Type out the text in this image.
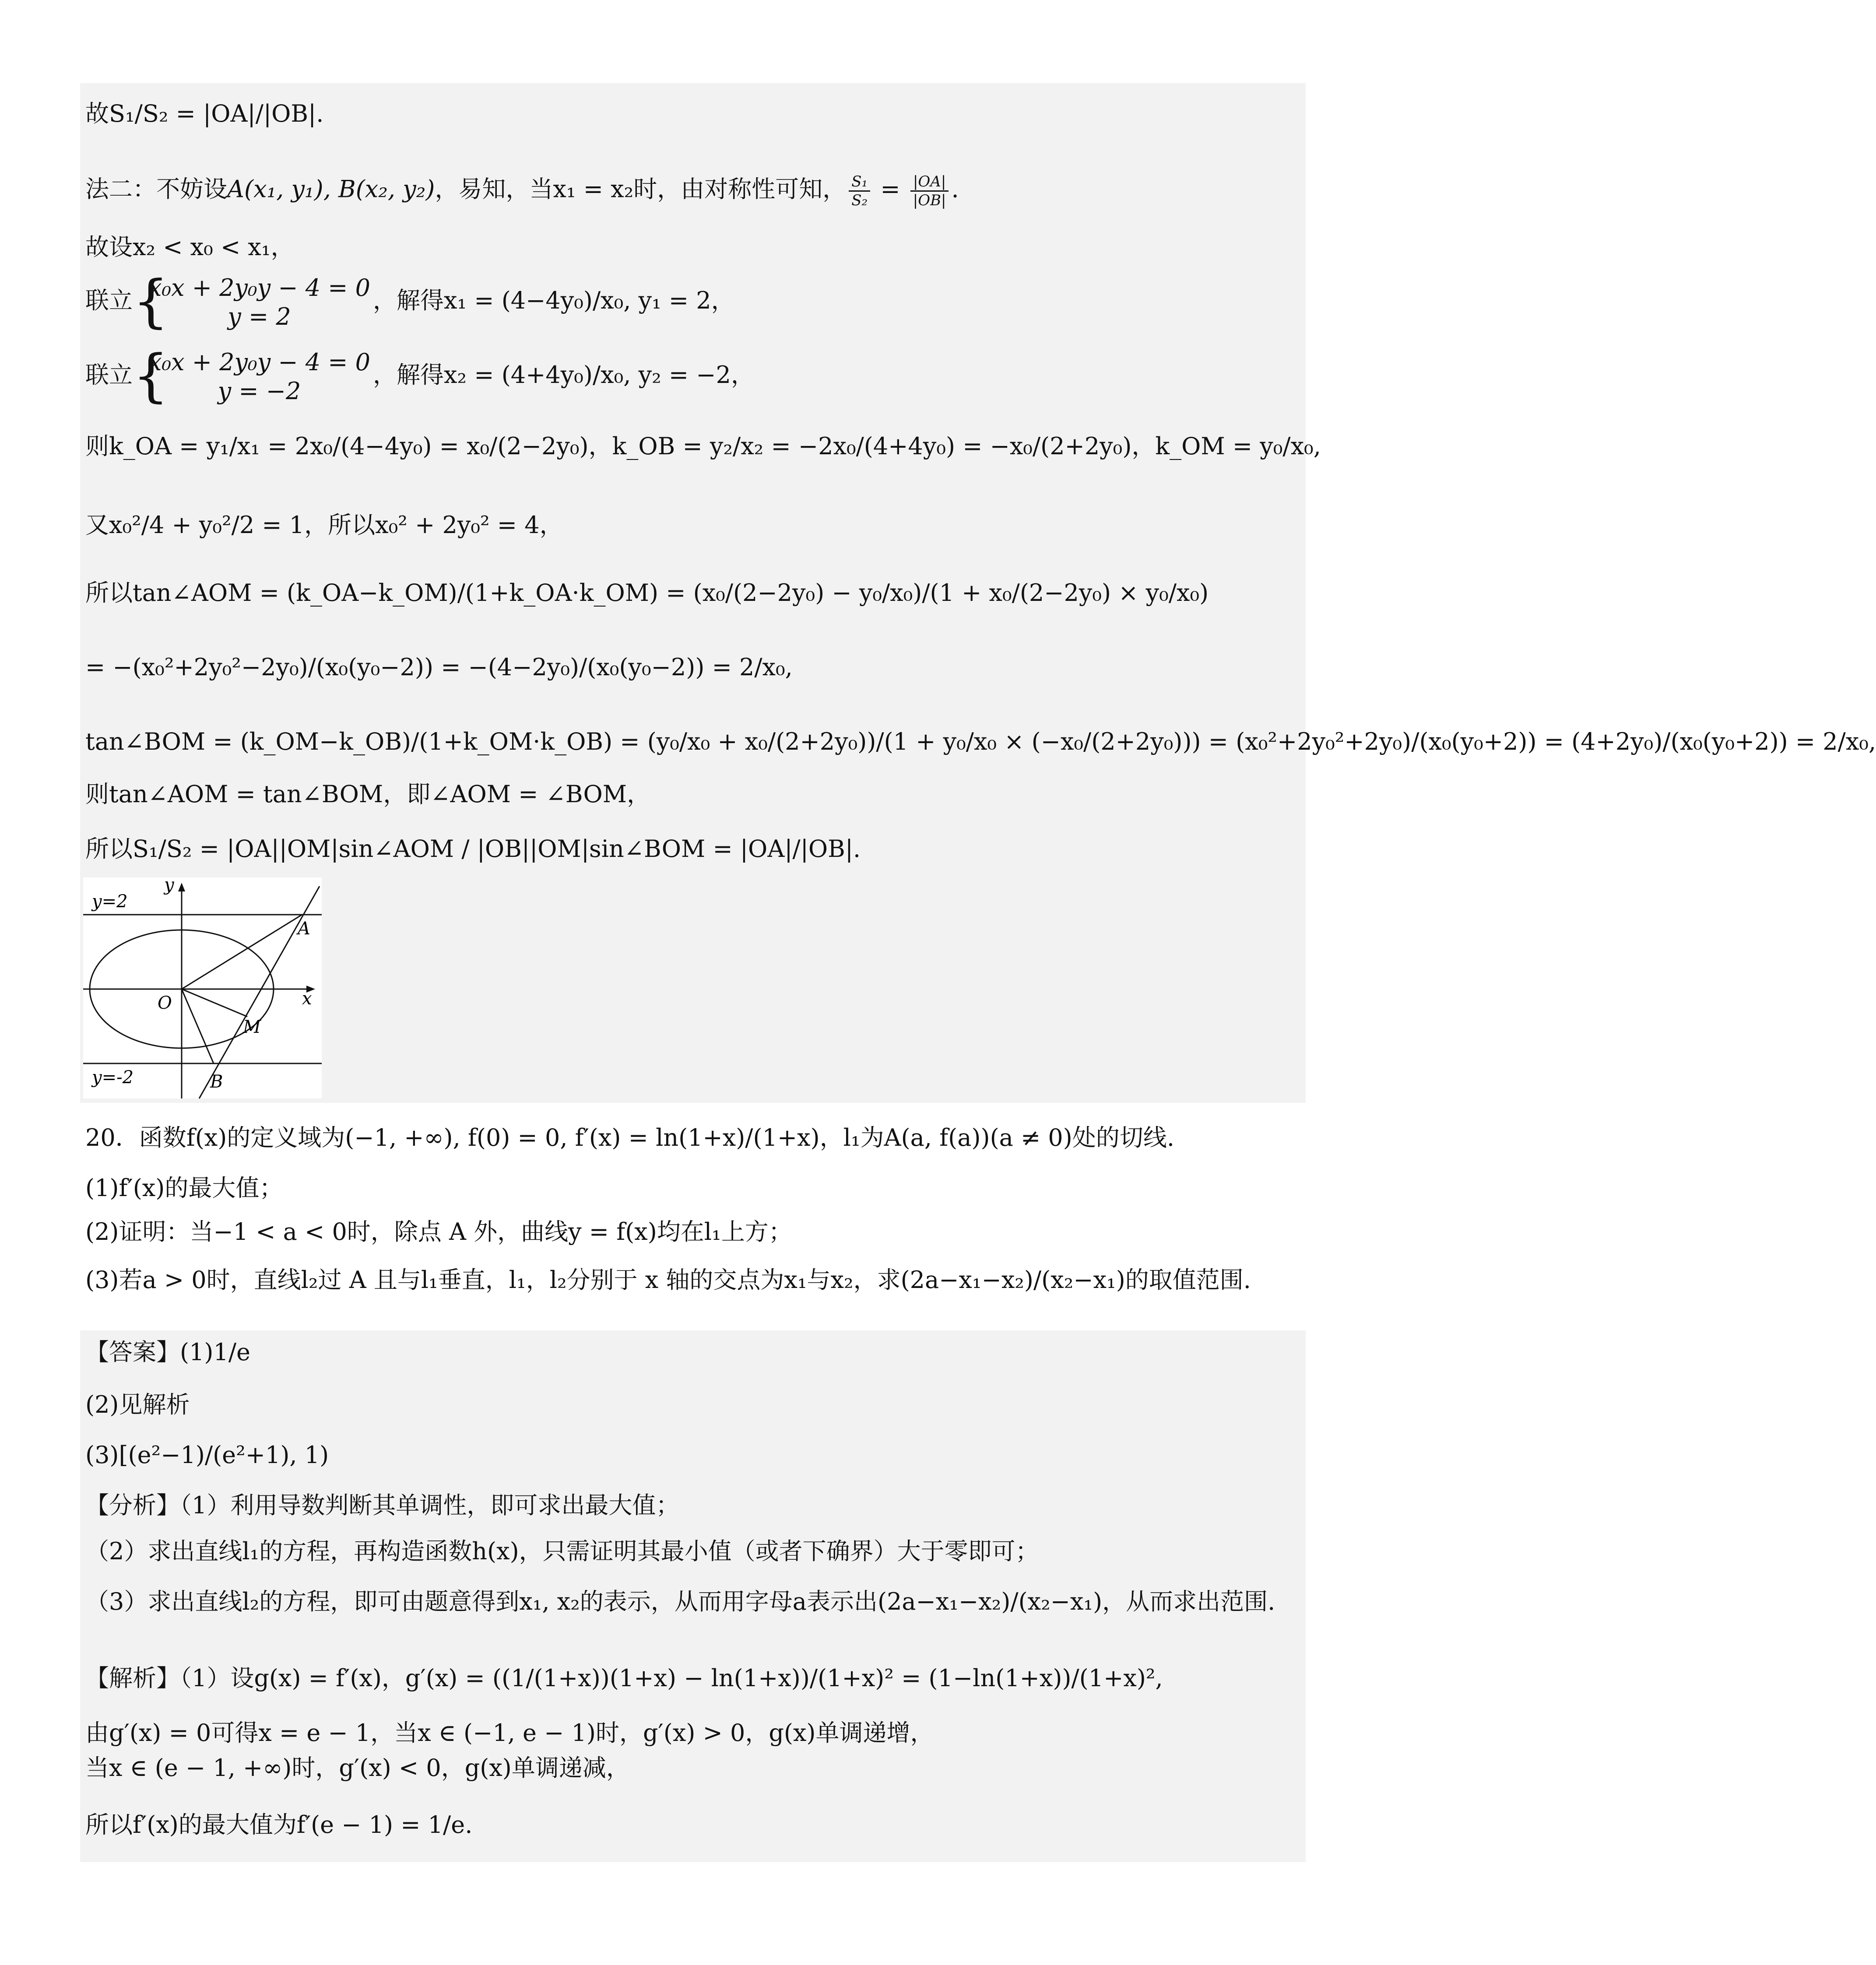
故S₁/S₂ = |OA|/|OB|.
法二：不妨设A(x₁, y₁), B(x₂, y₂)，易知，当x₁ = x₂时，由对称性可知， $\frac{\text{S₁}}{\text{S₂}} = \frac{|OA|}{|OB|}$ .
故设x₂ < x₀ < x₁，
联立 { x₀x + 2y₀y − 4 = 0
y = 2
，解得x₁ = (4−4y₀)/x₀, y₁ = 2，
联立 { x₀x + 2y₀y − 4 = 0
y = −2
，解得x₂ = (4+4y₀)/x₀, y₂ = −2，
则k_OA = y₁/x₁ = 2x₀/(4−4y₀) = x₀/(2−2y₀)，k_OB = y₂/x₂ = −2x₀/(4+4y₀) = −x₀/(2+2y₀)，k_OM = y₀/x₀,
又x₀²/4 + y₀²/2 = 1，所以x₀² + 2y₀² = 4，
所以tan∠AOM = (k_OA−k_OM)/(1+k_OA·k_OM) = (x₀/(2−2y₀) − y₀/x₀)/(1 + x₀/(2−2y₀) × y₀/x₀)
= −(x₀²+2y₀²−2y₀)/(x₀(y₀−2)) = −(4−2y₀)/(x₀(y₀−2)) = 2/x₀,
tan∠BOM = (k_OM−k_OB)/(1+k_OM·k_OB) = (y₀/x₀ + x₀/(2+2y₀))/(1 + y₀/x₀ × (−x₀/(2+2y₀))) = (x₀²+2y₀²+2y₀)/(x₀(y₀+2)) = (4+2y₀)/(x₀(y₀+2)) = 2/x₀,
则tan∠AOM = tan∠BOM，即∠AOM = ∠BOM，
所以S₁/S₂ = |OA||OM|sin∠AOM / |OB||OM|sin∠BOM = |OA|/|OB|.
y=2
y=-2
y
x
O
A
M
B
20．函数f(x)的定义域为(−1, +∞), f(0) = 0, f′(x) = ln(1+x)/(1+x)，l₁为A(a, f(a))(a ≠ 0)处的切线.
(1)f′(x)的最大值；
(2)证明：当−1 < a < 0时，除点 A 外，曲线y = f(x)均在l₁上方；
(3)若a > 0时，直线l₂过 A 且与l₁垂直，l₁，l₂分别于 x 轴的交点为x₁与x₂，求(2a−x₁−x₂)/(x₂−x₁)的取值范围.
【答案】(1)1/e
(2)见解析
(3)[(e²−1)/(e²+1), 1)
【分析】（1）利用导数判断其单调性，即可求出最大值；
（2）求出直线l₁的方程，再构造函数h(x)，只需证明其最小值（或者下确界）大于零即可；
（3）求出直线l₂的方程，即可由题意得到x₁, x₂的表示，从而用字母a表示出(2a−x₁−x₂)/(x₂−x₁)，从而求出范围.
【解析】（1）设g(x) = f′(x)，g′(x) = ((1/(1+x))(1+x) − ln(1+x))/(1+x)² = (1−ln(1+x))/(1+x)²,
由g′(x) = 0可得x = e − 1，当x ∈ (−1, e − 1)时，g′(x) > 0，g(x)单调递增，
当x ∈ (e − 1, +∞)时，g′(x) < 0，g(x)单调递减，
所以f′(x)的最大值为f′(e − 1) = 1/e.
